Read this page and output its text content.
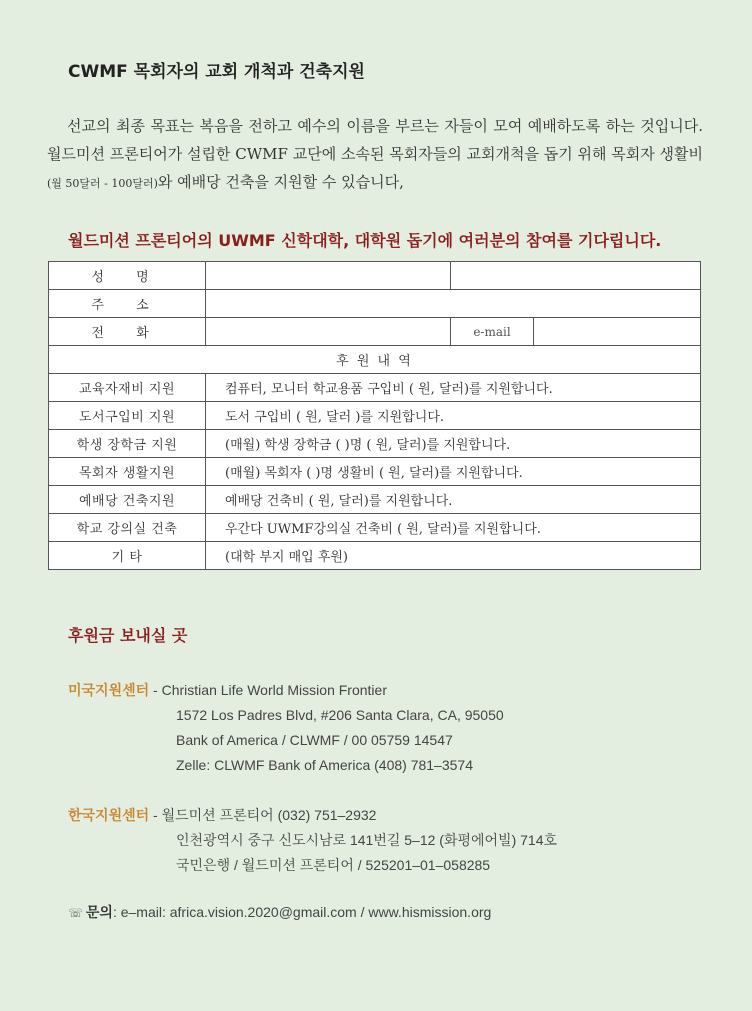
CWMF 목회자의 교회 개척과 건축지원

선교의 최종 목표는 복음을 전하고 예수의 이름을 부르는 자들이 모여 예배하도록 하는 것입니다. 월드미션 프론티어가 설립한 CWMF 교단에 소속된 목회자들의 교회개척을 돕기 위해 목회자 생활비(월 50달러 - 100달러)와 예배당 건축을 지원할 수 있습니다,

월드미션 프론티어의 UWMF 신학대학, 대학원 돕기에 여러분의 참여를 기다립니다.
성 명			
주 소			
전 화		e-mail	
후 원 내 역			
교육자재비 지원	컴퓨터, 모니터 학교용품 구입비 ( 원, 달러)를 지원합니다.		
도서구입비 지원	도서 구입비 ( 원, 달러 )를 지원합니다.		
학생 장학금 지원	(매월) 학생 장학금 ( )명 ( 원, 달러)를 지원합니다.		
목회자 생활지원	(매월) 목회자 ( )명 생활비 ( 원, 달러)를 지원합니다.		
예배당 건축지원	예배당 건축비 ( 원, 달러)를 지원합니다.		
학교 강의실 건축	우간다 UWMF강의실 건축비 ( 원, 달러)를 지원합니다.		
기 타	(대학 부지 매입 후원)		
후원금 보내실 곳
미국지원센터 - Christian Life World Mission Frontier
1572 Los Padres Blvd, #206 Santa Clara, CA, 95050
Bank of America / CLWMF / 00 05759 14547
Zelle: CLWMF Bank of America (408) 781–3574
한국지원센터 - 월드미션 프론티어 (032) 751–2932
인천광역시 중구 신도시남로 141번길 5–12 (화평에어빌) 714호
국민은행 / 월드미션 프론티어 / 525201–01–058285
☏ 문의: e–mail: africa.vision.2020@gmail.com / www.hismission.org
